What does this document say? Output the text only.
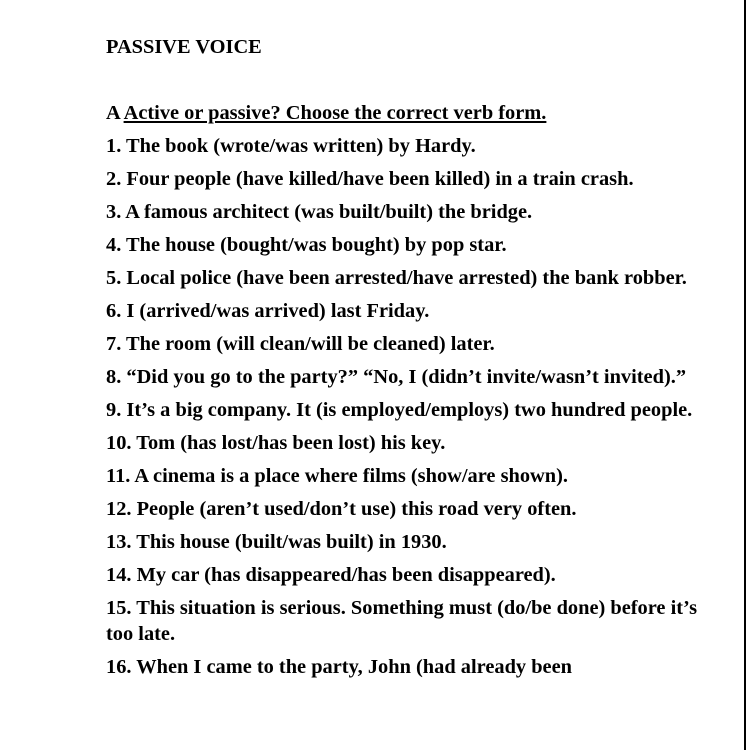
PASSIVE VOICE
A Active or passive? Choose the correct verb form.
1. The book (wrote/was written) by Hardy.
2. Four people (have killed/have been killed) in a train crash.
3. A famous architect (was built/built) the bridge.
4. The house (bought/was bought) by pop star.
5. Local police (have been arrested/have arrested) the bank robber.
6. I (arrived/was arrived) last Friday.
7. The room (will clean/will be cleaned) later.
8. “Did you go to the party?” “No, I (didn’t invite/wasn’t invited).”
9. It’s a big company. It (is employed/employs) two hundred people.
10. Tom (has lost/has been lost) his key.
11. A cinema is a place where films (show/are shown).
12. People (aren’t used/don’t use) this road very often.
13. This house (built/was built) in 1930.
14. My car (has disappeared/has been disappeared).
15. This situation is serious. Something must (do/be done) before it’s too late.
16. When I came to the party, John (had already been
